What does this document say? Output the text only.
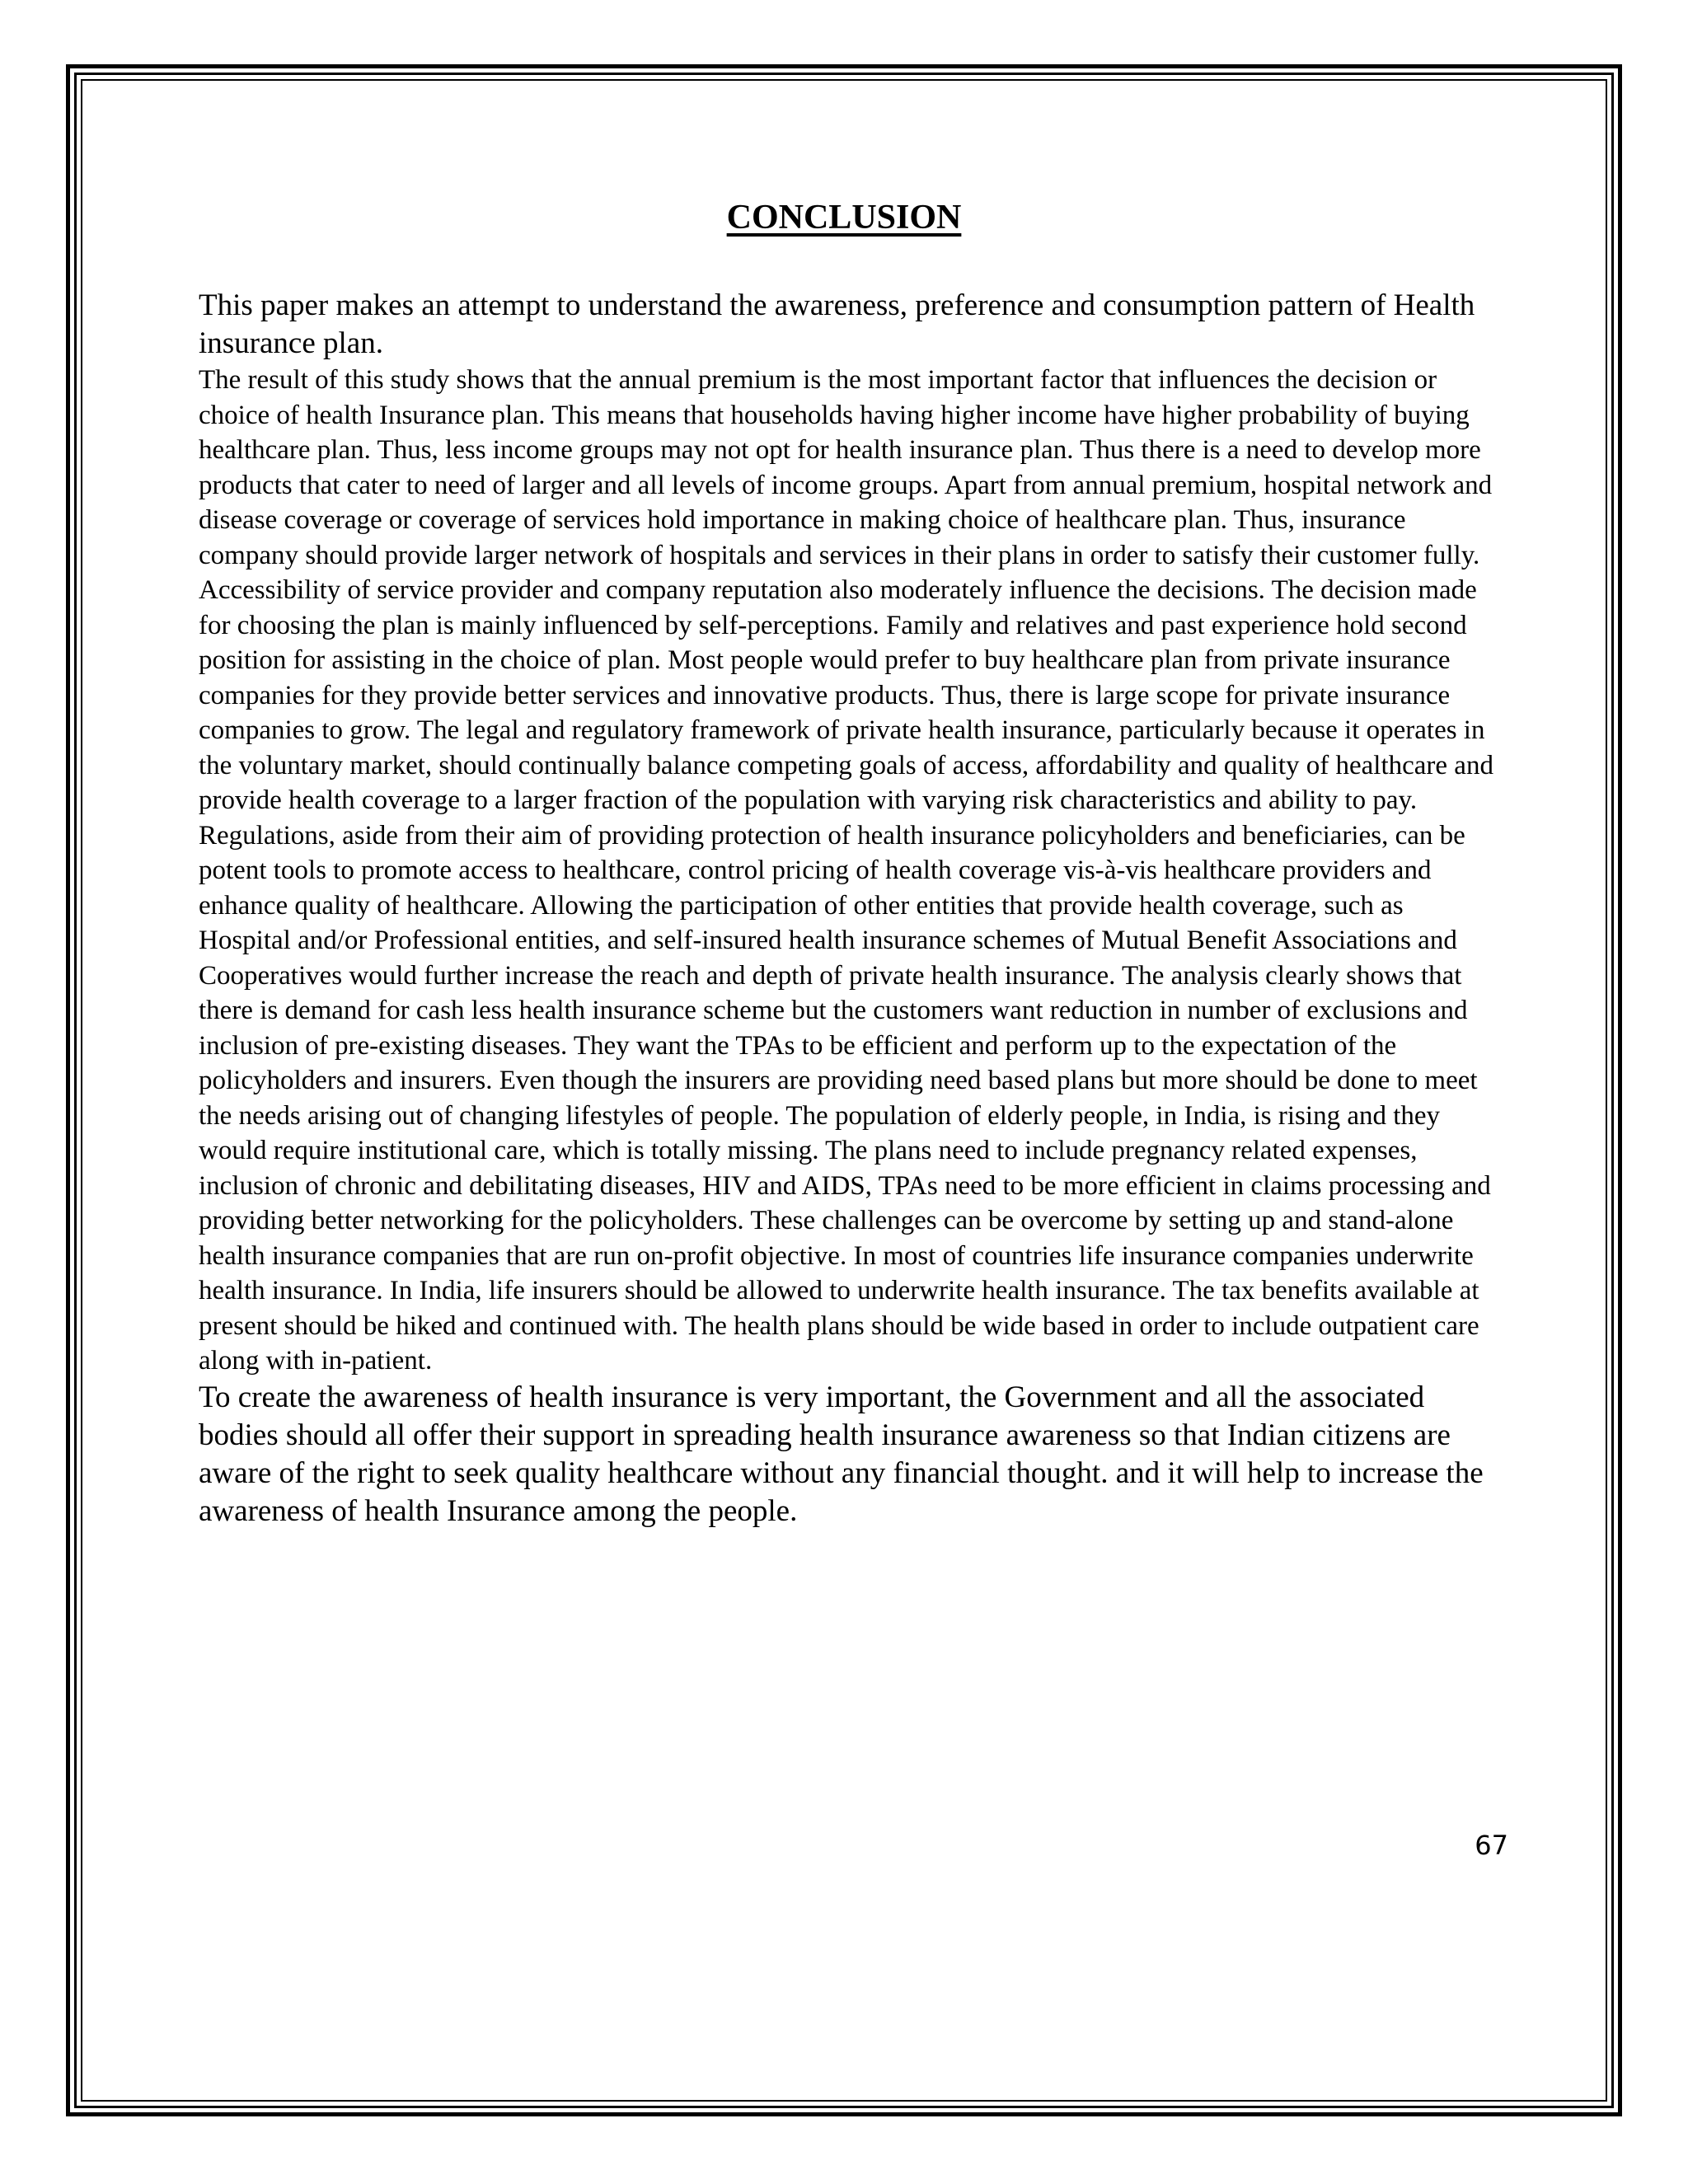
CONCLUSION

This paper makes an attempt to understand the awareness, preference and consumption pattern of Health insurance plan.

The result of this study shows that the annual premium is the most important factor that influences the decision or choice of health Insurance plan. This means that households having higher income have higher probability of buying healthcare plan. Thus, less income groups may not opt for health insurance plan. Thus there is a need to develop more products that cater to need of larger and all levels of income groups. Apart from annual premium, hospital network and disease coverage or coverage of services hold importance in making choice of healthcare plan. Thus, insurance company should provide larger network of hospitals and services in their plans in order to satisfy their customer fully. Accessibility of service provider and company reputation also moderately influence the decisions. The decision made for choosing the plan is mainly influenced by self-perceptions. Family and relatives and past experience hold second position for assisting in the choice of plan. Most people would prefer to buy healthcare plan from private insurance companies for they provide better services and innovative products. Thus, there is large scope for private insurance companies to grow. The legal and regulatory framework of private health insurance, particularly because it operates in the voluntary market, should continually balance competing goals of access, affordability and quality of healthcare and provide health coverage to a larger fraction of the population with varying risk characteristics and ability to pay. Regulations, aside from their aim of providing protection of health insurance policyholders and beneficiaries, can be potent tools to promote access to healthcare, control pricing of health coverage vis-à-vis healthcare providers and enhance quality of healthcare. Allowing the participation of other entities that provide health coverage, such as Hospital and/or Professional entities, and self-insured health insurance schemes of Mutual Benefit Associations and Cooperatives would further increase the reach and depth of private health insurance. The analysis clearly shows that there is demand for cash less health insurance scheme but the customers want reduction in number of exclusions and inclusion of pre-existing diseases. They want the TPAs to be efficient and perform up to the expectation of the policyholders and insurers. Even though the insurers are providing need based plans but more should be done to meet the needs arising out of changing lifestyles of people. The population of elderly people, in India, is rising and they would require institutional care, which is totally missing. The plans need to include pregnancy related expenses, inclusion of chronic and debilitating diseases, HIV and AIDS, TPAs need to be more efficient in claims processing and providing better networking for the policyholders. These challenges can be overcome by setting up and stand-alone health insurance companies that are run on-profit objective. In most of countries life insurance companies underwrite health insurance. In India, life insurers should be allowed to underwrite health insurance. The tax benefits available at present should be hiked and continued with. The health plans should be wide based in order to include outpatient care along with in-patient.

To create the awareness of health insurance is very important, the Government and all the associated bodies should all offer their support in spreading health insurance awareness so that Indian citizens are aware of the right to seek quality healthcare without any financial thought. and it will help to increase the awareness of health Insurance among the people.

67
